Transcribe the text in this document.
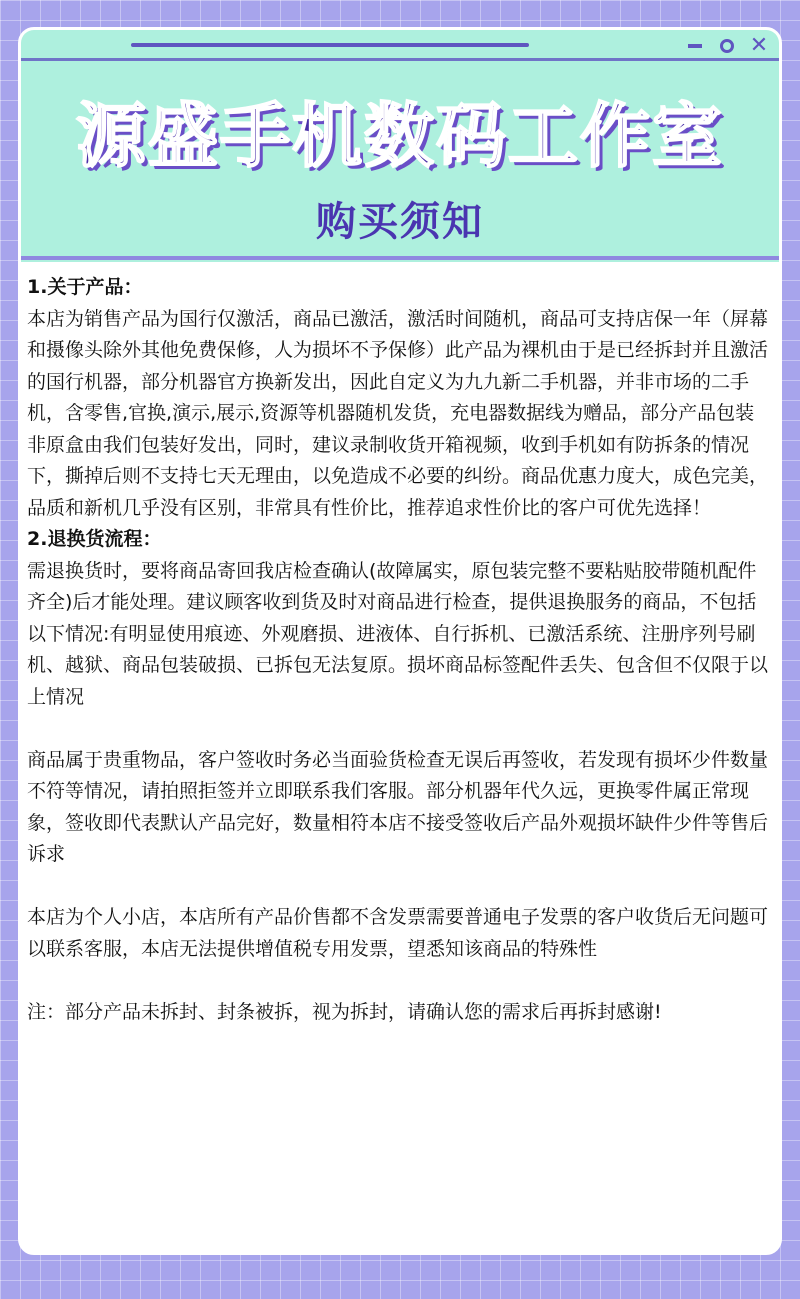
✕
源盛手机数码工作室
购买须知

1.关于产品：

本店为销售产品为国行仅激活，商品已激活，激活时间随机，商品可支持店保一年（屏幕和摄像头除外其他免费保修，人为损坏不予保修）此产品为裸机由于是已经拆封并且激活的国行机器，部分机器官方换新发出，因此自定义为九九新二手机器，并非市场的二手机，含零售,官换,演示,展示,资源等机器随机发货，充电器数据线为赠品，部分产品包装非原盒由我们包装好发出，同时，建议录制收货开箱视频，收到手机如有防拆条的情况下，撕掉后则不支持七天无理由，以免造成不必要的纠纷。商品优惠力度大，成色完美，品质和新机几乎没有区别，非常具有性价比，推荐追求性价比的客户可优先选择！

2.退换货流程：

需退换货时，要将商品寄回我店检查确认(故障属实，原包装完整不要粘贴胶带随机配件齐全)后才能处理。建议顾客收到货及时对商品进行检查，提供退换服务的商品，不包括以下情况:有明显使用痕迹、外观磨损、进液体、自行拆机、已激活系统、注册序列号刷机、越狱、商品包装破损、已拆包无法复原。损坏商品标签配件丢失、包含但不仅限于以上情况

商品属于贵重物品，客户签收时务必当面验货检查无误后再签收，若发现有损坏少件数量不符等情况，请拍照拒签并立即联系我们客服。部分机器年代久远，更换零件属正常现象，签收即代表默认产品完好，数量相符本店不接受签收后产品外观损坏缺件少件等售后诉求

本店为个人小店，本店所有产品价售都不含发票需要普通电子发票的客户收货后无问题可以联系客服，本店无法提供增值税专用发票，望悉知该商品的特殊性

注：部分产品未拆封、封条被拆，视为拆封，请确认您的需求后再拆封感谢!
